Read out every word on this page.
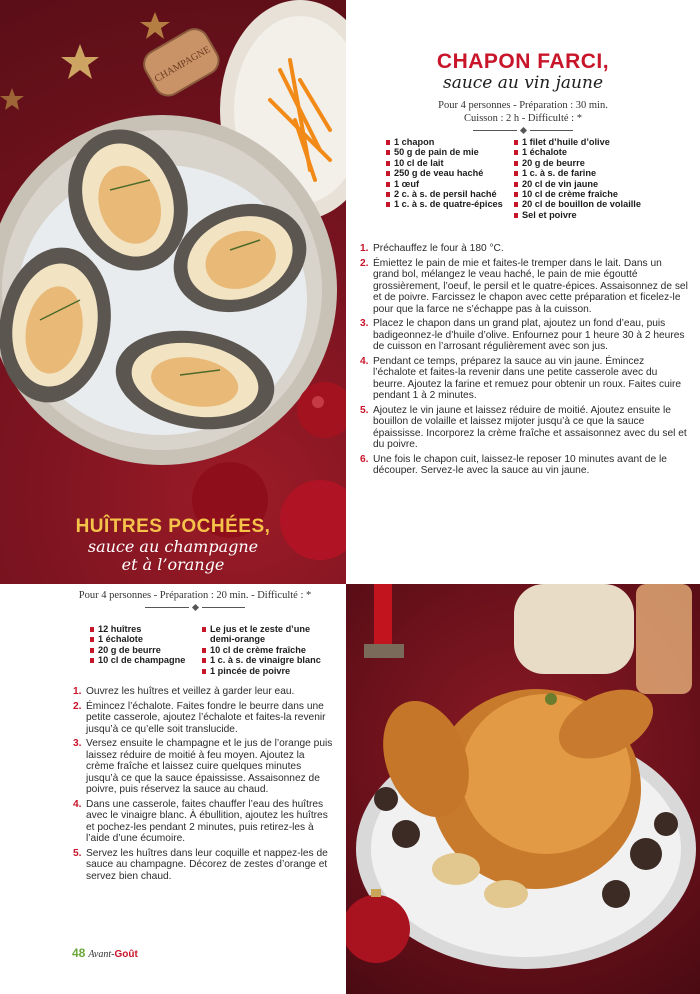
CHAMPAGNE
HUÎTRES POCHÉES,
sauce au champagne
et à l’orange
CHAPON FARCI,
sauce au vin jaune
Pour 4 personnes - Préparation : 30 min.
Cuisson : 2 h - Difficulté : *
1 chapon
50 g de pain de mie
10 cl de lait
250 g de veau haché
1 œuf
2 c. à s. de persil haché
1 c. à s. de quatre-épices
1 filet d’huile d’olive
1 échalote
20 g de beurre
1 c. à s. de farine
20 cl de vin jaune
10 cl de crème fraîche
20 cl de bouillon de volaille
Sel et poivre
1. Préchauffez le four à 180 °C.
2. Émiettez le pain de mie et faites-le tremper dans le lait. Dans un grand bol, mélangez le veau haché, le pain de mie égoutté grossièrement, l’oeuf, le persil et le quatre-épices. Assaisonnez de sel et de poivre. Farcissez le chapon avec cette préparation et ficelez-le pour que la farce ne s’échappe pas à la cuisson.
3. Placez le chapon dans un grand plat, ajoutez un fond d’eau, puis badigeonnez-le d’huile d’olive. Enfournez pour 1 heure 30 à 2 heures de cuisson en l’arrosant régulièrement avec son jus.
4. Pendant ce temps, préparez la sauce au vin jaune. Émincez l’échalote et faites-la revenir dans une petite casserole avec du beurre. Ajoutez la farine et remuez pour obtenir un roux. Faites cuire pendant 1 à 2 minutes.
5. Ajoutez le vin jaune et laissez réduire de moitié. Ajoutez ensuite le bouillon de volaille et laissez mijoter jusqu’à ce que la sauce épaississe. Incorporez la crème fraîche et assaisonnez avec du sel et du poivre.
6. Une fois le chapon cuit, laissez-le reposer 10 minutes avant de le découper. Servez-le avec la sauce au vin jaune.
Pour 4 personnes - Préparation : 20 min. - Difficulté : *
12 huîtres
1 échalote
20 g de beurre
10 cl de champagne
Le jus et le zeste d’une demi-orange
10 cl de crème fraîche
1 c. à s. de vinaigre blanc
1 pincée de poivre
1. Ouvrez les huîtres et veillez à garder leur eau.
2. Émincez l’échalote. Faites fondre le beurre dans une petite casserole, ajoutez l’échalote et faites-la revenir jusqu’à ce qu’elle soit translucide.
3. Versez ensuite le champagne et le jus de l’orange puis laissez réduire de moitié à feu moyen. Ajoutez la crème fraîche et laissez cuire quelques minutes jusqu’à ce que la sauce épaississe. Assaisonnez de poivre, puis réservez la sauce au chaud.
4. Dans une casserole, faites chauffer l’eau des huîtres avec le vinaigre blanc. À ébullition, ajoutez les huîtres et pochez-les pendant 2 minutes, puis retirez-les à l’aide d’une écumoire.
5. Servez les huîtres dans leur coquille et nappez-les de sauce au champagne. Décorez de zestes d’orange et servez bien chaud.
48 Avant-Goût
